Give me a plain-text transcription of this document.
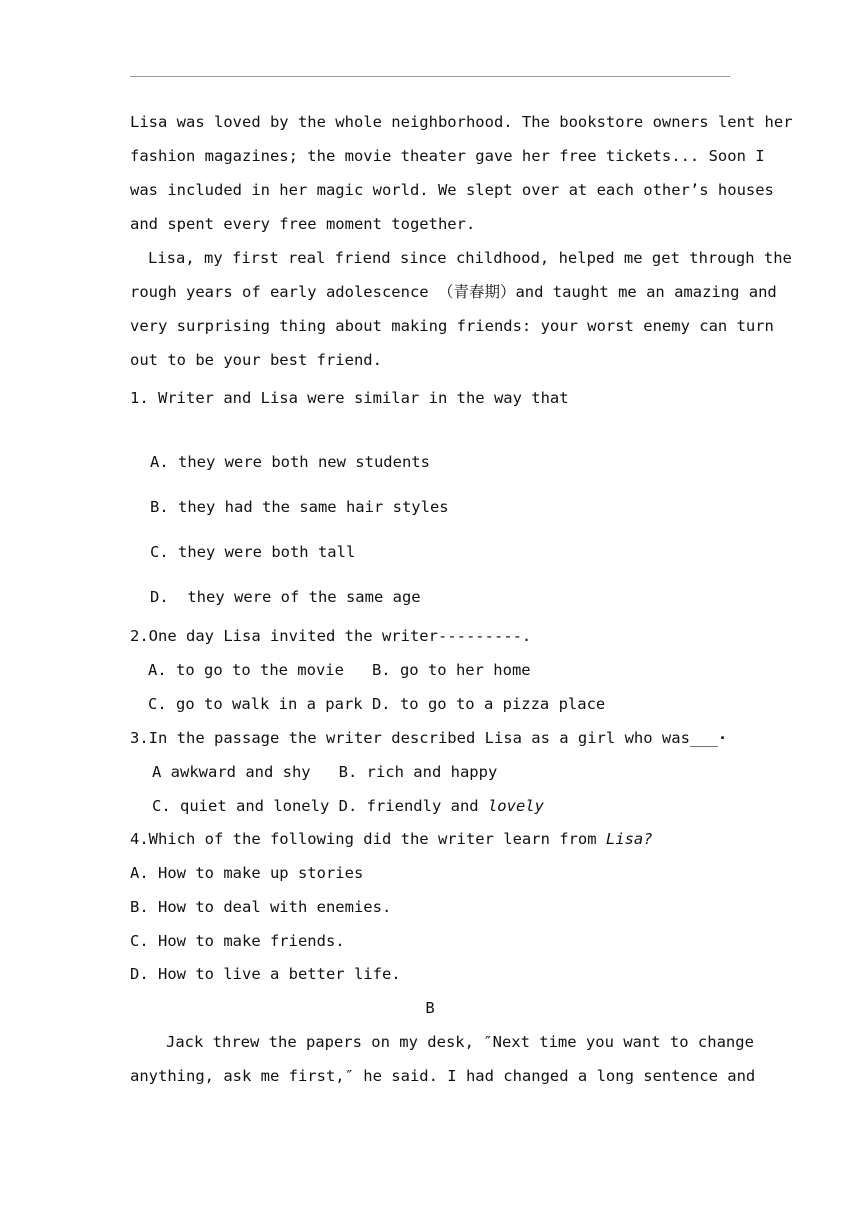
Lisa was loved by the whole neighborhood. The bookstore owners lent her
fashion magazines; the movie theater gave her free tickets... Soon I
was included in her magic world. We slept over at each other’s houses
and spent every free moment together.
Lisa, my first real friend since childhood, helped me get through the
rough years of early adolescence （青春期）and taught me an amazing and
very surprising thing about making friends: your worst enemy can turn
out to be your best friend.
1. Writer and Lisa were similar in the way that
A. they were both new students
B. they had the same hair styles
C. they were both tall
D.  they were of the same age
2.One day Lisa invited the writer---------.
A. to go to the movie   B. go to her home
C. go to walk in a park D. to go to a pizza place
3.In the passage the writer described Lisa as a girl who was___·
A awkward and shy   B. rich and happy
C. quiet and lonely D. friendly and lovely
4.Which of the following did the writer learn from Lisa?
A. How to make up stories
B. How to deal with enemies.
C. How to make friends.
D. How to live a better life.
B
Jack threw the papers on my desk, ″Next time you want to change
anything, ask me first,″ he said. I had changed a long sentence and
